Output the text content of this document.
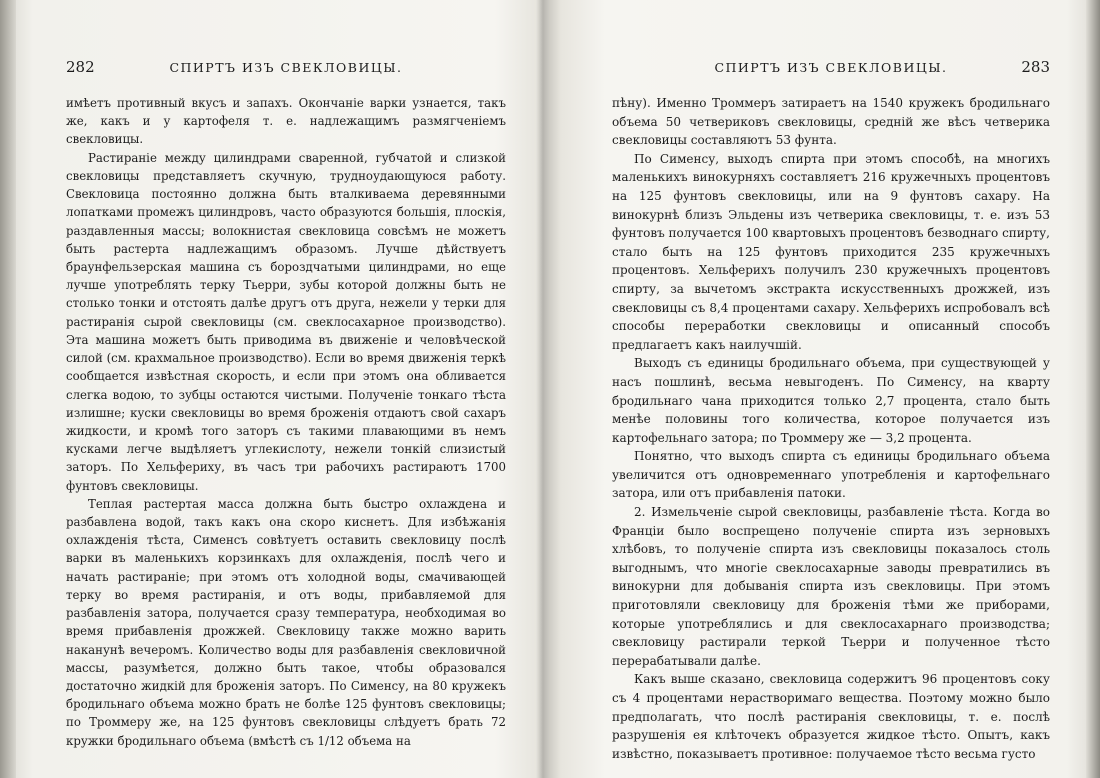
282	СПИРТЪ ИЗЪ СВЕКЛОВИЦЫ.

имѣетъ противный вкусъ и запахъ. Окончаніе варки узнается, такъ же, какъ и у картофеля т. е. надлежащимъ размягченіемъ свекловицы.

Растираніе между цилиндрами сваренной, губчатой и слизкой свекловицы представляетъ скучную, трудноудающуюся работу. Свекловица постоянно должна быть вталкиваема деревянными лопатками промежъ цилиндровъ, часто образуются большія, плоскія, раздавленныя массы; волокнистая свекловица совсѣмъ не можетъ быть растерта надлежащимъ образомъ. Лучше дѣйствуетъ браунфельзерская машина съ бороздчатыми цилиндрами, но еще лучше употреблять терку Тьерри, зубы которой должны быть не столько тонки и отстоять далѣе другъ отъ друга, нежели у терки для растиранія сырой свекловицы (см. свеклосахарное производство). Эта машина можетъ быть приводима въ движеніе и человѣческой силой (см. крахмальное производство). Если во время движенія теркѣ сообщается извѣстная скорость, и если при этомъ она обливается слегка водою, то зубцы остаются чистыми. Полученіе тонкаго тѣста излишне; куски свекловицы во время броженія отдаютъ свой сахаръ жидкости, и кромѣ того заторъ съ такими плавающими въ немъ кусками легче выдѣляетъ углекислоту, нежели тонкій слизистый заторъ. По Хельфериху, въ часъ три рабочихъ растираютъ 1700 фунтовъ свекловицы.

Теплая растертая масса должна быть быстро охлаждена и разбавлена водой, такъ какъ она скоро киснетъ. Для избѣжанія охлажденія тѣста, Сименсъ совѣтуетъ оставить свекловицу послѣ варки въ маленькихъ корзинкахъ для охлажденія, послѣ чего и начать растираніе; при этомъ отъ холодной воды, смачивающей терку во время растиранія, и отъ воды, прибавляемой для разбавленія затора, получается сразу температура, необходимая во время прибавленія дрожжей. Свекловицу также можно варить наканунѣ вечеромъ. Количество воды для разбавленія свекловичной массы, разумѣется, должно быть такое, чтобы образовался достаточно жидкій для броженія заторъ. По Сименсу, на 80 кружекъ бродильнаго объема можно брать не болѣе 125 фунтовъ свекловицы; по Троммеру же, на 125 фунтовъ свекловицы слѣдуетъ брать 72 кружки бродильнаго объема (вмѣстѣ съ 1/12 объема на

СПИРТЪ ИЗЪ СВЕКЛОВИЦЫ.	283

пѣну). Именно Троммеръ затираетъ на 1540 кружекъ бродильнаго объема 50 четвериковъ свекловицы, средній же вѣсъ четверика свекловицы составляютъ 53 фунта.

По Сименсу, выходъ спирта при этомъ способѣ, на многихъ маленькихъ винокурняхъ составляетъ 216 кружечныхъ процентовъ на 125 фунтовъ свекловицы, или на 9 фунтовъ сахару. На винокурнѣ близъ Эльдены изъ четверика свекловицы, т. е. изъ 53 фунтовъ получается 100 квартовыхъ процентовъ безводнаго спирту, стало быть на 125 фунтовъ приходится 235 кружечныхъ процентовъ. Хельферихъ получилъ 230 кружечныхъ процентовъ спирту, за вычетомъ экстракта искусственныхъ дрожжей, изъ свекловицы съ 8,4 процентами сахару. Хельферихъ испробовалъ всѣ способы переработки свекловицы и описанный способъ предлагаетъ какъ наилучшій.

Выходъ съ единицы бродильнаго объема, при существующей у насъ пошлинѣ, весьма невыгоденъ. По Сименсу, на кварту бродильнаго чана приходится только 2,7 процента, стало быть менѣе половины того количества, которое получается изъ картофельнаго затора; по Троммеру же — 3,2 процента.

Понятно, что выходъ спирта съ единицы бродильнаго объема увеличится отъ одновременнаго употребленія и картофельнаго затора, или отъ прибавленія патоки.

2. Измельченіе сырой свекловицы, разбавленіе тѣста. Когда во Франціи было воспрещено полученіе спирта изъ зерновыхъ хлѣбовъ, то полученіе спирта изъ свекловицы показалось столь выгоднымъ, что многіе свеклосахарные заводы превратились въ винокурни для добыванія спирта изъ свекловицы. При этомъ приготовляли свекловицу для броженія тѣми же приборами, которые употреблялись и для свеклосахарнаго производства; свекловицу растирали теркой Тьерри и полученное тѣсто перерабатывали далѣе.

Какъ выше сказано, свекловица содержитъ 96 процентовъ соку съ 4 процентами нерастворимаго вещества. Поэтому можно было предполагать, что послѣ растиранія свекловицы, т. е. послѣ разрушенія ея клѣточекъ образуется жидкое тѣсто. Опытъ, какъ извѣстно, показываетъ противное: получаемое тѣсто весьма густо
